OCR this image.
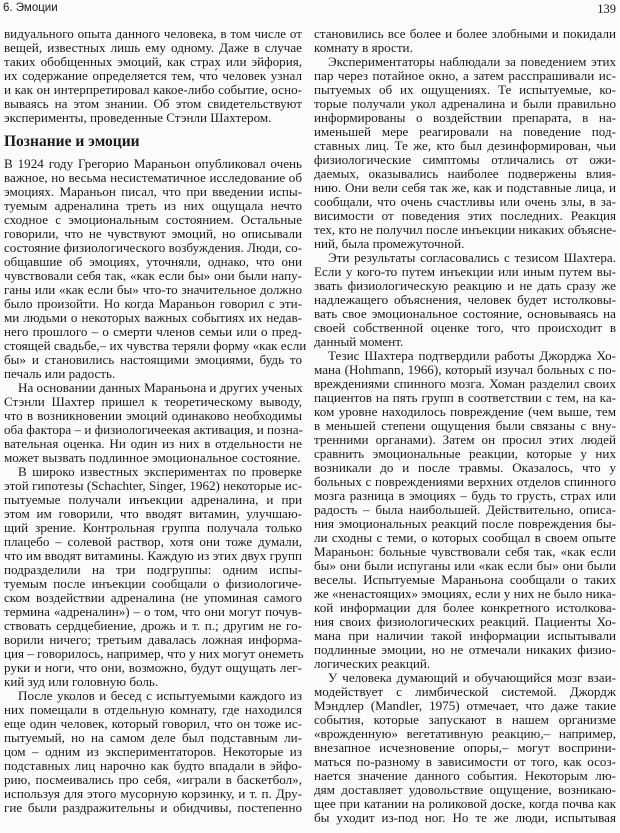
6. Эмоции	139
видуального опыта данного человека, в том числе от
вещей, известных лишь ему одному. Даже в случае
таких обобщенных эмоций, как страх или эйфория,
их содержание определяется тем, что́ человек узнал
и как он интерпретировал какое-либо событие, осно-
вываясь на этом знании. Об этом свидетельствуют
эксперименты, проведенные Стэнли Шахтером.
Познание и эмоции
В 1924 году Грегорио Мараньон опубликовал очень
важное, но весьма несистематичное исследование об
эмоциях. Мараньон писал, что при введении испы-
туемым адреналина треть из них ощущала нечто
сходное с эмоциональным состоянием. Остальные
говорили, что не чувствуют эмоций, но описывали
состояние физиологического возбуждения. Люди, со-
общавшие об эмоциях, уточняли, однако, что они
чувствовали себя так, «как если бы» они были напу-
ганы или «как если бы» что-то значительное должно
было произойти. Но когда Мараньон говорил с эти-
ми людьми о некоторых важных событиях их недав-
него прошлого – о смерти членов семьи или о пред-
стоящей свадьбе,– их чувства теряли форму «как если
бы» и становились настоящими эмоциями, будь то
печаль или радость.
На основании данных Мараньона и других ученых
Стэнли Шахтер пришел к теоретическому выводу,
что в возникновении эмоций одинаково необходимы
оба фактора – и физиологичеекая активация, и позна-
вательная оценка. Ни один из них в отдельности не
может вызвать подлинное эмоциональное состояние.
В широко известных экспериментах по проверке
этой гипотезы (Schachter, Singer, 1962) некоторые ис-
пытуемые получали инъекции адреналина, и при
этом им говорили, что вводят витамин, улучшаю-
щий зрение. Контрольная группа получала только
плацебо – солевой раствор, хотя они тоже думали,
что им вводят витамины. Каждую из этих двух групп
подразделили на три подгруппы: одним испы-
туемым после инъекции сообщали о физиологиче-
ском воздействии адреналина (не упоминая самого
термина «адреналин») – о том, что они могут почув-
ствовать сердцебиение, дрожь и т. п.; другим не го-
ворили ничего; третьим давалась ложная информа-
ция – говорилось, например, что у них могут онеметь
руки и ноги, что они, возможно, будут ощущать лег-
кий зуд или головную боль.
После уколов и бесед с испытуемыми каждого из
них помещали в отдельную комнату, где находился
еще один человек, который говорил, что он тоже ис-
пытуемый, но на самом деле был подставным ли-
цом – одним из экспериментаторов. Некоторые из
подставных лиц нарочно как будто впадали в эйфо-
рию, посмеивались про себя, «играли в баскетбол»,
используя для этого мусорную корзинку, и т. п. Дру-
гие были раздражительны и обидчивы, постепенно
становились все более и более злобными и покидали
комнату в ярости.
Экспериментаторы наблюдали за поведением этих
пар через потайное окно, а затем расспрашивали ис-
пытуемых об их ощущениях. Те испытуемые, ко-
торые получали укол адреналина и были правильно
информированы о воздействии препарата, в на-
именьшей мере реагировали на поведение под-
ставных лиц. Те же, кто был дезинформирован, чьи
физиологические симптомы отличались от ожи-
даемых, оказывались наиболее подвержены влия-
нию. Они вели себя так же, как и подставные лица, и
сообщали, что очень счастливы или очень злы, в за-
висимости от поведения этих последних. Реакция
тех, кто не получил после инъекции никаких объясне-
ний, была промежуточной.
Эти результаты согласовались с тезисом Шахтера.
Если у кого-то путем инъекции или иным путем вы-
звать физиологическую реакцию и не дать сразу же
надлежащего объяснения, человек будет истолковы-
вать свое эмоциональное состояние, основываясь на
своей собственной оценке того, что происходит в
данный момент.
Тезис Шахтера подтвердили работы Джорджа Хо-
мана (Hohmann, 1966), который изучал больных с по-
вреждениями спинного мозга. Хоман разделил своих
пациентов на пять групп в соответствии с тем, на ка-
ком уровне находилось повреждение (чем выше, тем
в меньшей степени ощущения были связаны с вну-
тренними органами). Затем он просил этих людей
сравнить эмоциональные реакции, которые у них
возникали до и после травмы. Оказалось, что у
больных с повреждениями верхних отделов спинного
мозга разница в эмоциях – будь то грусть, страх или
радость – была наибольшей. Действительно, описа-
ния эмоциональных реакций после повреждения бы-
ли сходны с теми, о которых сообщал в своем опыте
Мараньон: больные чувствовали себя так, «как если
бы» они были испуганы или «как если бы» они были
веселы. Испытуемые Мараньона сообщали о таких
же «ненастоящих» эмоциях, если у них не было ника-
кой информации для более конкретного истолкова-
ния своих физиологических реакций. Пациенты Хо-
мана при наличии такой информации испытывали
подлинные эмоции, но не отмечали никаких физио-
логических реакций.
У человека думающий и обучающийся мозг взаи-
модействует с лимбической системой. Джордж
Мэндлер (Mandler, 1975) отмечает, что даже такие
события, которые запускают в нашем организме
«врожденную» вегетативную реакцию,– например,
внезапное исчезновение опоры,– могут восприни-
маться по-разному в зависимости от того, как осоз-
нается значение данного события. Некоторым лю-
дям доставляет удовольствие ощущение, возникаю-
щее при катании на роликовой доске, когда почва как
бы уходит из-под ног. Но те же люди, испытывая
